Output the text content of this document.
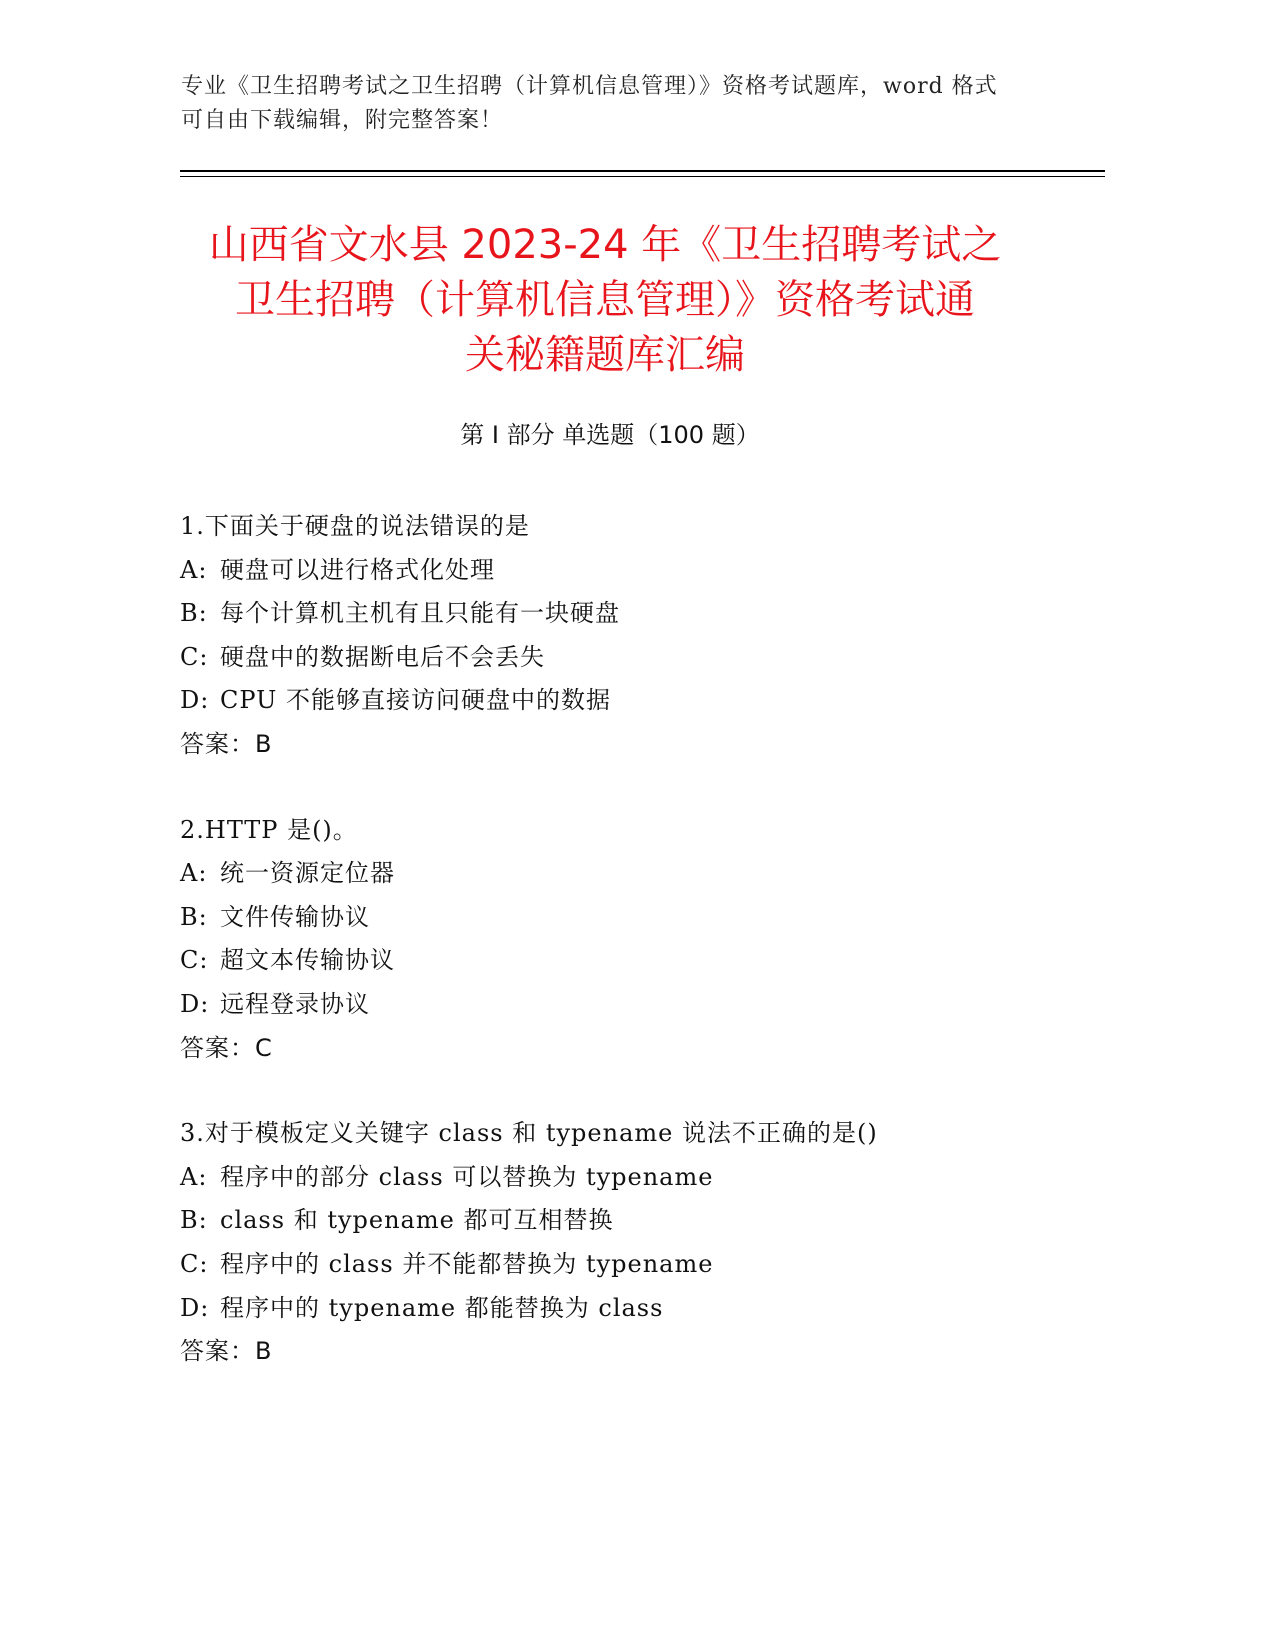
专业《卫生招聘考试之卫生招聘（计算机信息管理）》资格考试题库，word 格式
可自由下载编辑，附完整答案！
山西省文水县 2023-24 年《卫生招聘考试之
卫生招聘（计算机信息管理）》资格考试通
关秘籍题库汇编
第 I 部分 单选题（100 题）
1.下面关于硬盘的说法错误的是
A: 硬盘可以进行格式化处理
B: 每个计算机主机有且只能有一块硬盘
C: 硬盘中的数据断电后不会丢失
D: CPU 不能够直接访问硬盘中的数据
答案：B
2.HTTP 是()。
A: 统一资源定位器
B: 文件传输协议
C: 超文本传输协议
D: 远程登录协议
答案：C
3.对于模板定义关键字 class 和 typename 说法不正确的是()
A: 程序中的部分 class 可以替换为 typename
B: class 和 typename 都可互相替换
C: 程序中的 class 并不能都替换为 typename
D: 程序中的 typename 都能替换为 class
答案：B
